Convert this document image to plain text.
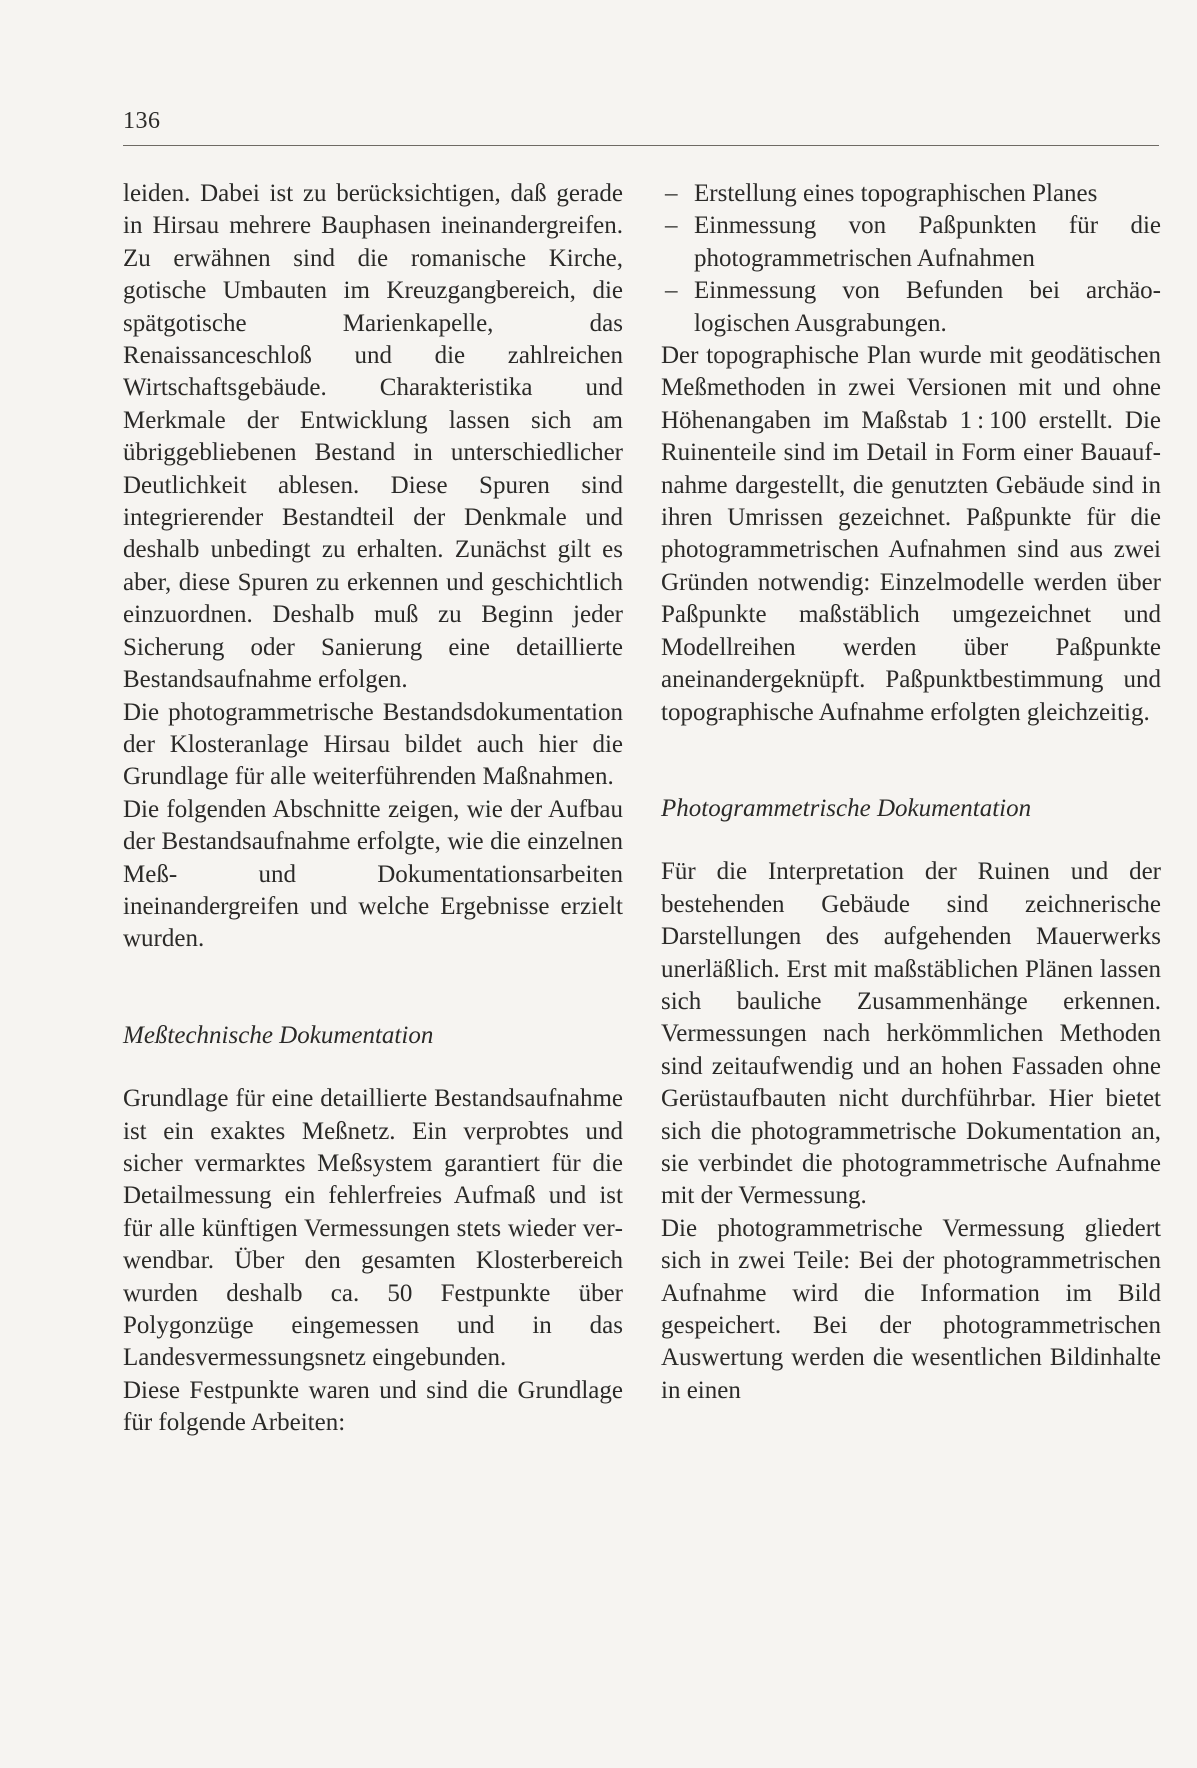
136

leiden. Dabei ist zu berücksichtigen, daß gerade in Hirsau mehrere Bauphasen ineinandergreifen. Zu erwähnen sind die romanische Kirche, gotische Umbauten im Kreuzgangbereich, die spätgotische Marienkapelle, das Renaissanceschloß und die zahlreichen Wirtschaftsgebäude. Charakteristika und Merkmale der Entwicklung lassen sich am übriggebliebenen Bestand in unterschiedlicher Deutlichkeit ablesen. Diese Spuren sind integrierender Bestandteil der Denkmale und deshalb unbedingt zu erhalten. Zunächst gilt es aber, diese Spuren zu erkennen und geschichtlich einzuordnen. Deshalb muß zu Beginn jeder Sicherung oder Sanierung eine detaillierte Bestandsaufnahme erfolgen.

Die photogrammetrische Bestandsdokumentation der Klosteranlage Hirsau bildet auch hier die Grundlage für alle weiterführenden Maßnahmen.

Die folgenden Abschnitte zeigen, wie der Aufbau der Bestandsaufnahme erfolgte, wie die einzelnen Meß- und Dokumentationsarbeiten ineinandergreifen und welche Ergebnisse erzielt wurden.

Meßtechnische Dokumentation

Grundlage für eine detaillierte Bestandsaufnahme ist ein exaktes Meßnetz. Ein verprobtes und sicher vermarktes Meßsystem garantiert für die Detailmessung ein fehlerfreies Aufmaß und ist für alle künftigen Vermessungen stets wieder verwendbar. Über den gesamten Klosterbereich wurden deshalb ca. 50 Festpunkte über Polygonzüge eingemessen und in das Landesvermessungsnetz eingebunden.

Diese Festpunkte waren und sind die Grundlage für folgende Arbeiten:

– Erstellung eines topographischen Planes
– Einmessung von Paßpunkten für die photogrammetrischen Aufnahmen
– Einmessung von Befunden bei archäologischen Ausgrabungen.

Der topographische Plan wurde mit geodätischen Meßmethoden in zwei Versionen mit und ohne Höhenangaben im Maßstab 1 : 100 erstellt. Die Ruinenteile sind im Detail in Form einer Bauaufnahme dargestellt, die genutzten Gebäude sind in ihren Umrissen gezeichnet. Paßpunkte für die photogrammetrischen Aufnahmen sind aus zwei Gründen notwendig: Einzelmodelle werden über Paßpunkte maßstäblich umgezeichnet und Modellreihen werden über Paßpunkte aneinandergeknüpft. Paßpunktbestimmung und topographische Aufnahme erfolgten gleichzeitig.

Photogrammetrische Dokumentation

Für die Interpretation der Ruinen und der bestehenden Gebäude sind zeichnerische Darstellungen des aufgehenden Mauerwerks unerläßlich. Erst mit maßstäblichen Plänen lassen sich bauliche Zusammenhänge erkennen. Vermessungen nach herkömmlichen Methoden sind zeitaufwendig und an hohen Fassaden ohne Gerüstaufbauten nicht durchführbar. Hier bietet sich die photogrammetrische Dokumentation an, sie verbindet die photogrammetrische Aufnahme mit der Vermessung.

Die photogrammetrische Vermessung gliedert sich in zwei Teile: Bei der photogrammetrischen Aufnahme wird die Information im Bild gespeichert. Bei der photogrammetrischen Auswertung werden die wesentlichen Bildinhalte in einen
